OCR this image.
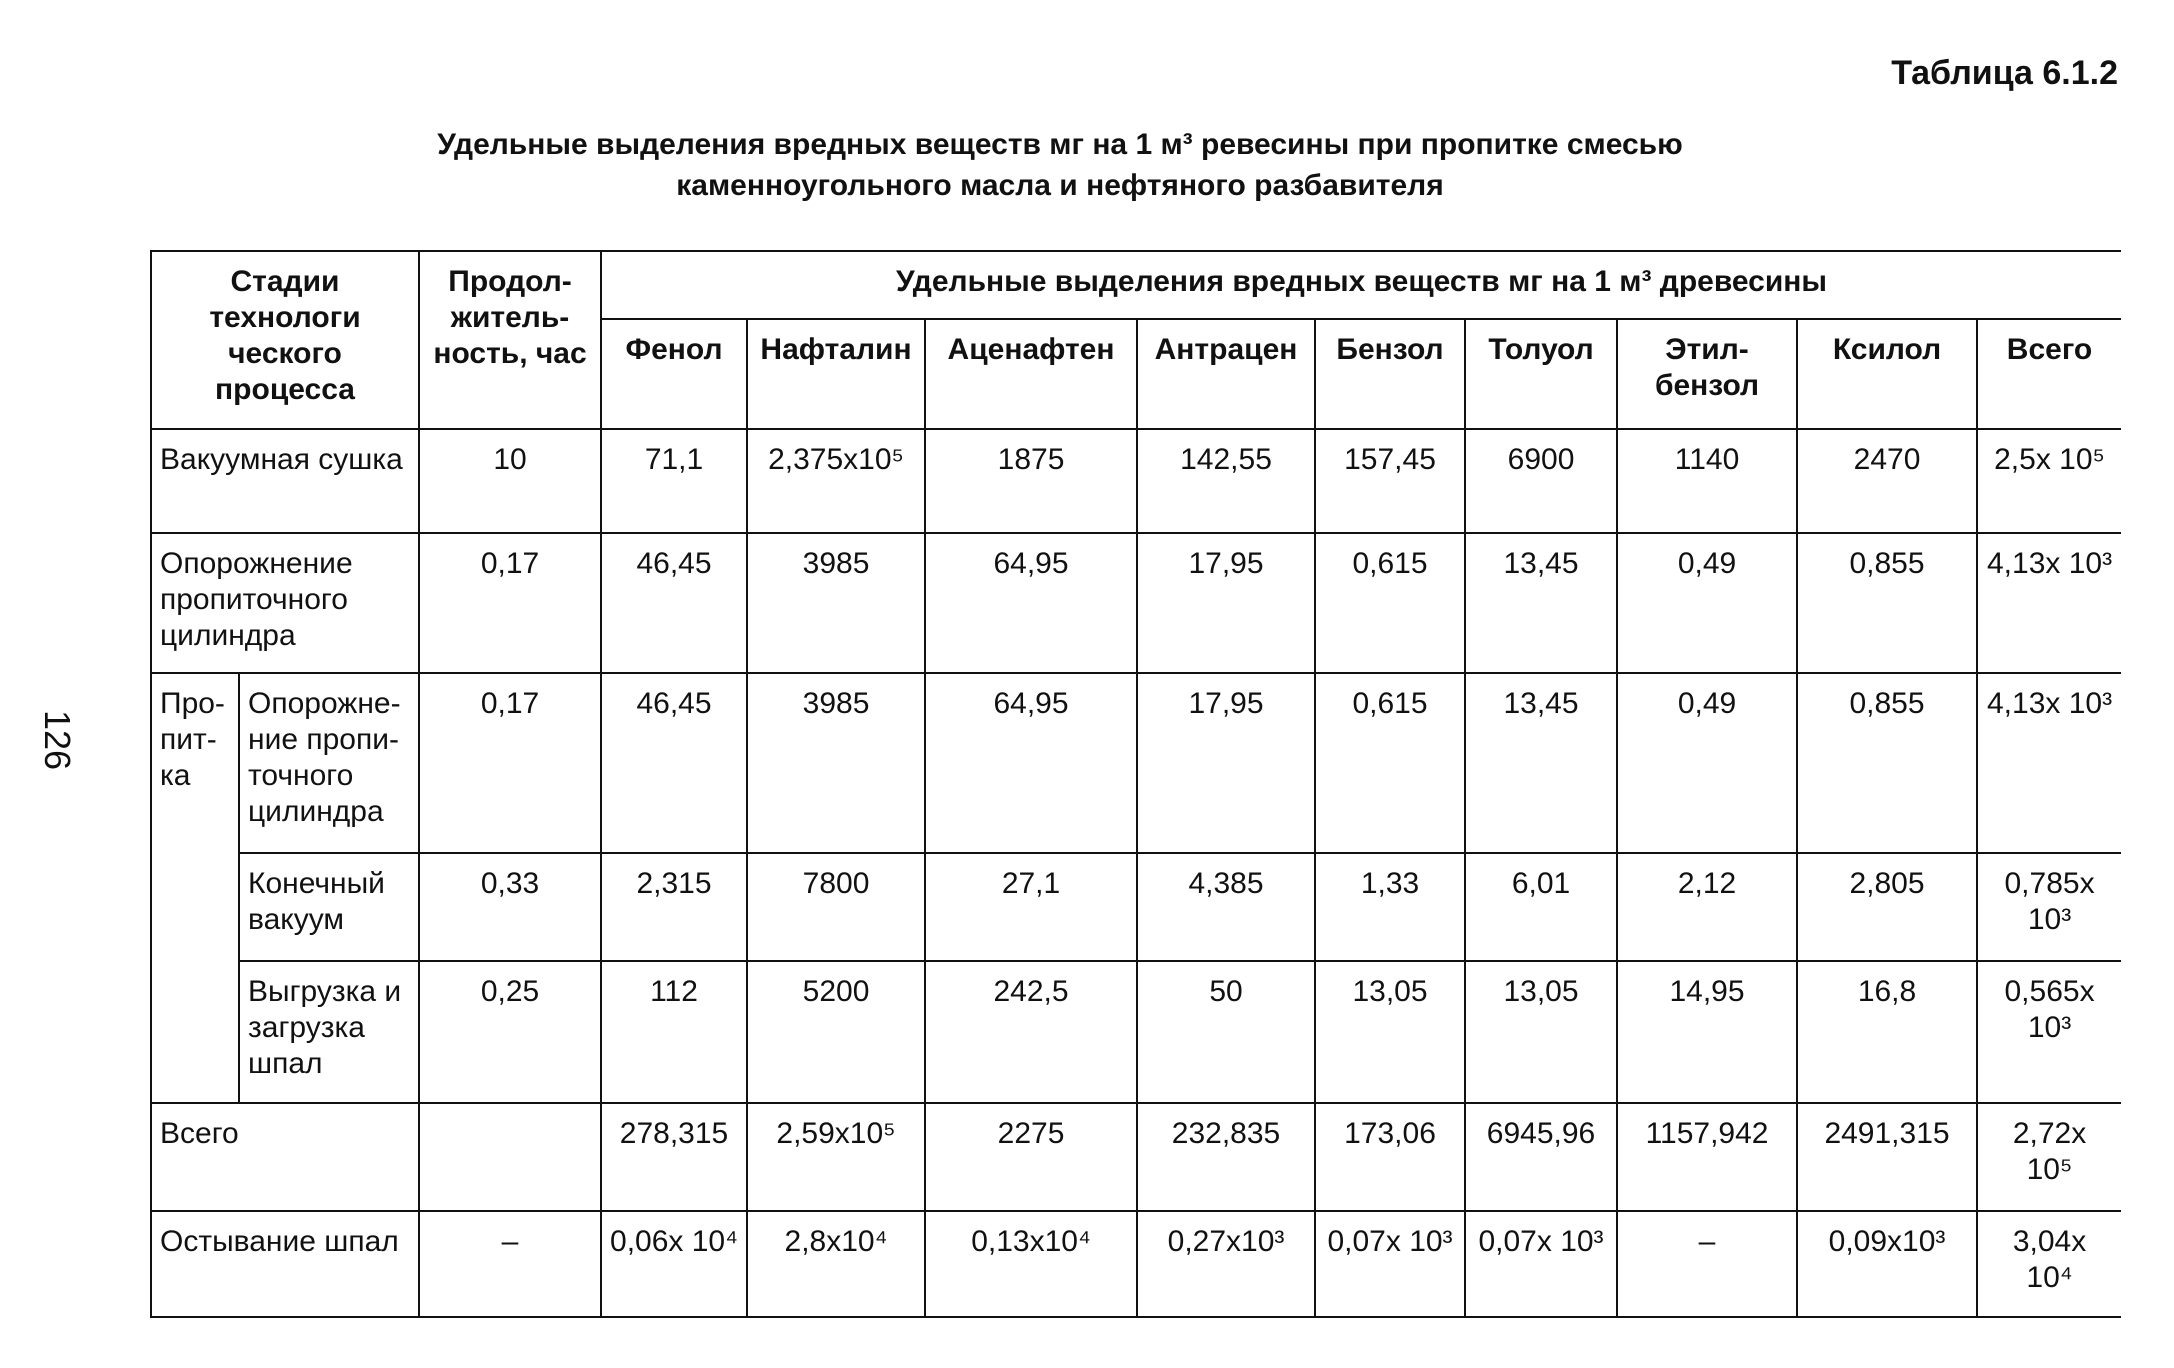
126
Таблица 6.1.2
Удельные выделения вредных веществ мг на 1 м³ ревесины при пропитке смесью
каменноугольного масла и нефтяного разбавителя
Стадии технологи ческого процесса		Продол-житель-ность, час	Удельные выделения вредных веществ мг на 1 м³ древесины								
			Фенол	Нафталин	Аценафтен	Антрацен	Бензол	Толуол	Этил-бензол	Ксилол	Всего
Вакуумная сушка		10	71,1	2,375x10⁵	1875	142,55	157,45	6900	1140	2470	2,5x 10⁵
Опорожнение пропиточного цилиндра		0,17	46,45	3985	64,95	17,95	0,615	13,45	0,49	0,855	4,13x 10³
Про-пит-ка	Опорожне-ние пропи-точного цилиндра	0,17	46,45	3985	64,95	17,95	0,615	13,45	0,49	0,855	4,13x 10³
	Конечный вакуум	0,33	2,315	7800	27,1	4,385	1,33	6,01	2,12	2,805	0,785x 10³
	Выгрузка и загрузка шпал	0,25	112	5200	242,5	50	13,05	13,05	14,95	16,8	0,565x 10³
Всего			278,315	2,59x10⁵	2275	232,835	173,06	6945,96	1157,942	2491,315	2,72x 10⁵
Остывание шпал		–	0,06x 10⁴	2,8x10⁴	0,13x10⁴	0,27x10³	0,07x 10³	0,07x 10³	–	0,09x10³	3,04x 10⁴
